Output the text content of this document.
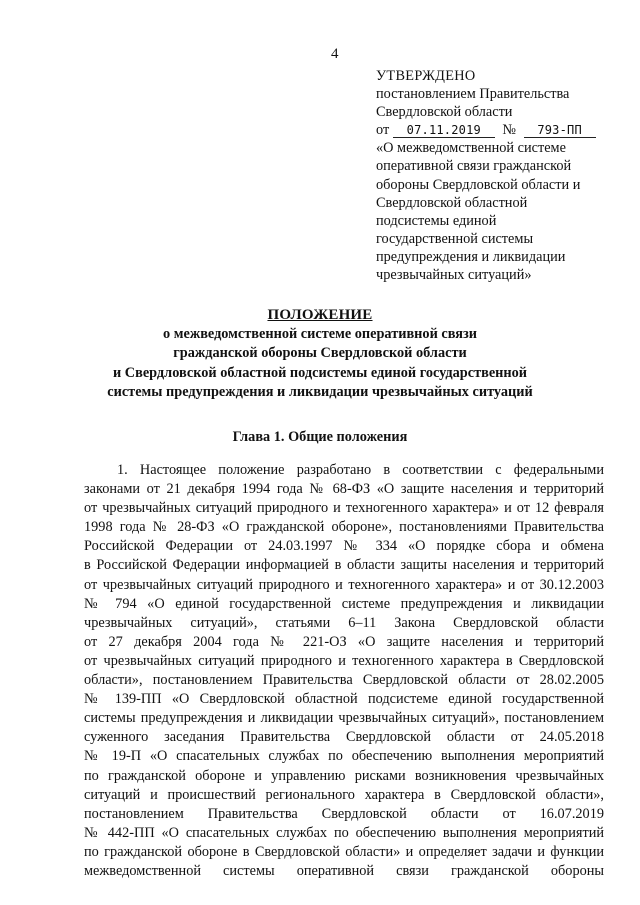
4
УТВЕРЖДЕНО
постановлением Правительства
Свердловской области
от 07.11.2019 № 793-ПП
«О межведомственной системе
оперативной связи гражданской
обороны Свердловской области и
Свердловской областной
подсистемы единой
государственной системы
предупреждения и ликвидации
чрезвычайных ситуаций»
ПОЛОЖЕНИЕ
о межведомственной системе оперативной связи
гражданской обороны Свердловской области
и Свердловской областной подсистемы единой государственной
системы предупреждения и ликвидации чрезвычайных ситуаций
Глава 1. Общие положения
1. Настоящее положение разработано в соответствии с федеральными
законами от 21 декабря 1994 года № 68-ФЗ «О защите населения и территорий
от чрезвычайных ситуаций природного и техногенного характера» и от 12 февраля
1998 года № 28-ФЗ «О гражданской обороне», постановлениями Правительства
Российской Федерации от 24.03.1997 № 334 «О порядке сбора и обмена
в Российской Федерации информацией в области защиты населения и территорий
от чрезвычайных ситуаций природного и техногенного характера» и от 30.12.2003
№ 794 «О единой государственной системе предупреждения и ликвидации
чрезвычайных ситуаций», статьями 6–11 Закона Свердловской области
от 27 декабря 2004 года № 221-ОЗ «О защите населения и территорий
от чрезвычайных ситуаций природного и техногенного характера в Свердловской
области», постановлением Правительства Свердловской области от 28.02.2005
№ 139-ПП «О Свердловской областной подсистеме единой государственной
системы предупреждения и ликвидации чрезвычайных ситуаций», постановлением
суженного заседания Правительства Свердловской области от 24.05.2018
№ 19-П «О спасательных службах по обеспечению выполнения мероприятий
по гражданской обороне и управлению рисками возникновения чрезвычайных
ситуаций и происшествий регионального характера в Свердловской области»,
постановлением Правительства Свердловской области от 16.07.2019
№ 442-ПП «О спасательных службах по обеспечению выполнения мероприятий
по гражданской обороне в Свердловской области» и определяет задачи и функции
межведомственной системы оперативной связи гражданской обороны
